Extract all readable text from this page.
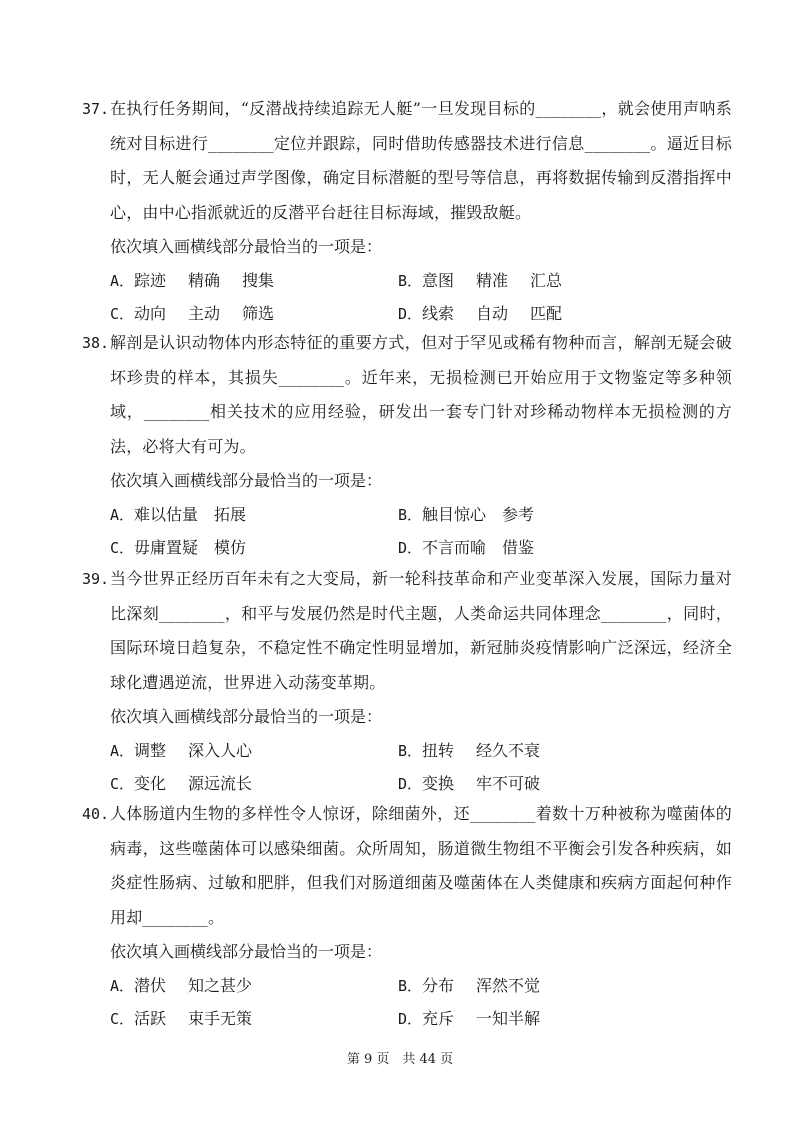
37. 在执行任务期间，“反潜战持续追踪无人艇”一旦发现目标的________，就会使用声呐系统对目标进行________定位并跟踪，同时借助传感器技术进行信息________。逼近目标时，无人艇会通过声学图像，确定目标潜艇的型号等信息，再将数据传输到反潜指挥中心，由中心指派就近的反潜平台赶往目标海域，摧毁敌艇。
依次填入画横线部分最恰当的一项是：
A．踪迹 精确 搜集	B．意图 精准 汇总
C．动向 主动 筛选	D．线索 自动 匹配
38. 解剖是认识动物体内形态特征的重要方式，但对于罕见或稀有物种而言，解剖无疑会破坏珍贵的样本，其损失________。近年来，无损检测已开始应用于文物鉴定等多种领域，________相关技术的应用经验，研发出一套专门针对珍稀动物样本无损检测的方法，必将大有可为。
依次填入画横线部分最恰当的一项是：
A．难以估量 拓展	B．触目惊心 参考
C．毋庸置疑 模仿	D．不言而喻 借鉴
39. 当今世界正经历百年未有之大变局，新一轮科技革命和产业变革深入发展，国际力量对比深刻________，和平与发展仍然是时代主题，人类命运共同体理念________，同时，国际环境日趋复杂，不稳定性不确定性明显增加，新冠肺炎疫情影响广泛深远，经济全球化遭遇逆流，世界进入动荡变革期。
依次填入画横线部分最恰当的一项是：
A．调整 深入人心	B．扭转 经久不衰
C．变化 源远流长	D．变换 牢不可破
40. 人体肠道内生物的多样性令人惊讶，除细菌外，还________着数十万种被称为噬菌体的病毒，这些噬菌体可以感染细菌。众所周知，肠道微生物组不平衡会引发各种疾病，如炎症性肠病、过敏和肥胖，但我们对肠道细菌及噬菌体在人类健康和疾病方面起何种作用却________。
依次填入画横线部分最恰当的一项是：
A．潜伏 知之甚少	B．分布 浑然不觉
C．活跃 束手无策	D．充斥 一知半解
第 9 页　共 44 页
